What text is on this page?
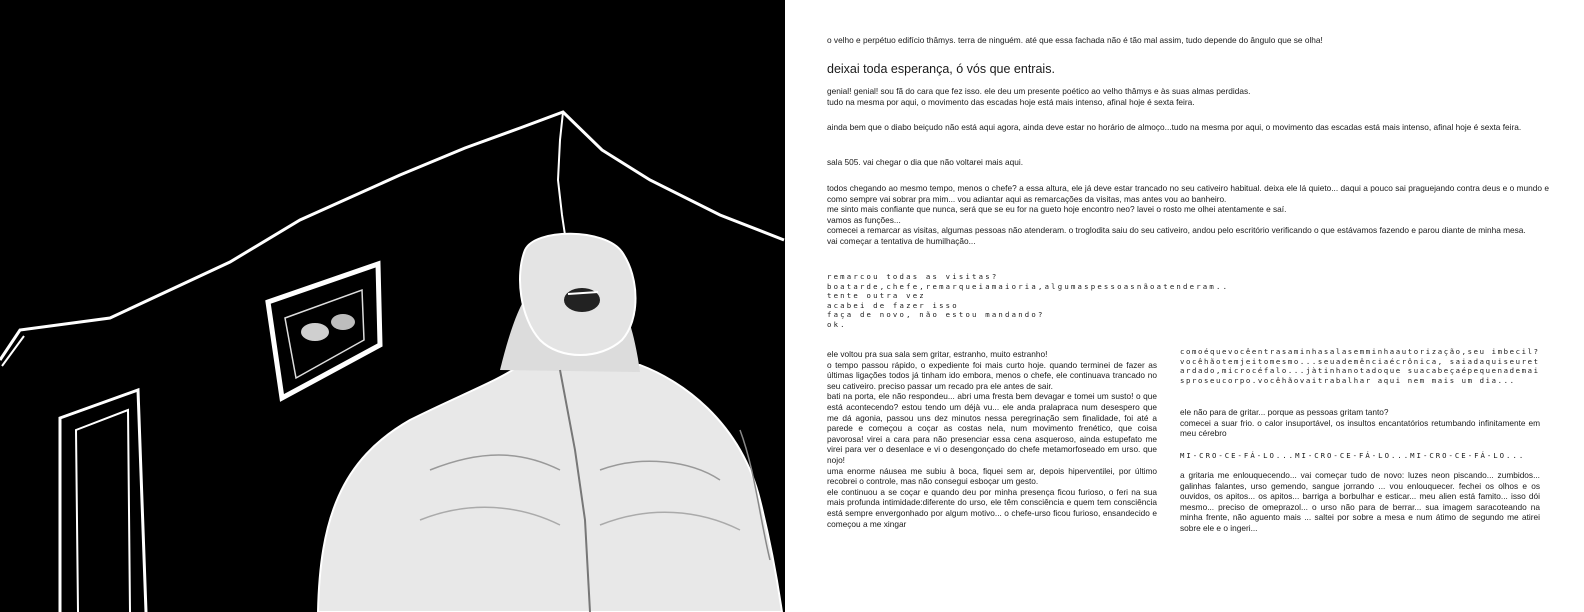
o velho e perpétuo edifício thâmys. terra de ninguém. até que essa fachada não é tão mal assim, tudo depende do ângulo que se olha!

deixai toda esperança, ó vós que entrais.

genial! genial! sou fã do cara que fez isso. ele deu um presente poético ao velho thâmys e às suas almas perdidas.
tudo na mesma por aqui, o movimento das escadas hoje está mais intenso, afinal hoje é sexta feira.

ainda bem que o diabo beiçudo não está aqui agora, ainda deve estar no horário de almoço...tudo na mesma por aqui, o movimento das escadas está mais intenso, afinal hoje é sexta feira.

sala 505. vai chegar o dia que não voltarei mais aqui.

todos chegando ao mesmo tempo, menos o chefe? a essa altura, ele já deve estar trancado no seu cativeiro habitual. deixa ele lá quieto... daqui a pouco sai praguejando contra deus e o mundo e como sempre vai sobrar pra mim... vou adiantar aqui as remarcações da visitas, mas antes vou ao banheiro.
me sinto mais confiante que nunca, será que se eu for na gueto hoje encontro neo? lavei o rosto me olhei atentamente e saí.
vamos as funções...
comecei a remarcar as visitas, algumas pessoas não atenderam. o troglodita saiu do seu cativeiro, andou pelo escritório verificando o que estávamos fazendo e parou diante de minha mesa.
vai começar a tentativa de humilhação...
remarcou todas as visitas?
boatarde,chefe,remarqueiamaioria,algumaspessoasnãoatenderam..
tente outra vez
acabei de fazer isso
faça de novo, não estou mandando?
ok.
ele voltou pra sua sala sem gritar, estranho, muito estranho!
o tempo passou rápido, o expediente foi mais curto hoje. quando terminei de fazer as últimas ligações todos já tinham ido embora, menos o chefe, ele continuava trancado no seu cativeiro. preciso passar um recado pra ele antes de sair.
bati na porta, ele não respondeu... abri uma fresta bem devagar e tomei um susto! o que está acontecendo? estou tendo um déjà vu... ele anda pralapraca num desespero que me dá agonia, passou uns dez minutos nessa peregrinação sem finalidade, foi até a parede e começou a coçar as costas nela, num movimento frenético, que coisa pavorosa! virei a cara para não presenciar essa cena asqueroso, ainda estupefato me virei para ver o desenlace e vi o desengonçado do chefe metamorfoseado em urso. que nojo!
uma enorme náusea me subiu à boca, fiquei sem ar, depois hiperventilei, por último recobrei o controle, mas não consegui esboçar um gesto.
ele continuou a se coçar e quando deu por minha presença ficou furioso, o feri na sua mais profunda intimidade:diferente do urso, ele têm consciência e quem tem consciência está sempre envergonhado por algum motivo... o chefe-urso ficou furioso, ensandecido e começou a me xingar

comoéquevocêentrasaminhasalasemminhaautorização,seu imbecil?vocêhãotemjeitomesmo...seuademênciaécrônica, saiadaquiseuretardado,microcéfalo...jàtinhanotadoque suacabeçaépequenademaisproseucorpo.vocêhãovaitrabalhar aqui nem mais um dia...

ele não para de gritar... porque as pessoas gritam tanto?
comecei a suar frio. o calor insuportável, os insultos encantatórios retumbando infinitamente em meu cérebro

MI-CRO-CE-FÁ-LO...MI-CRO-CE-FÁ-LO...MI-CRO-CE-FÁ-LO...

a gritaria me enlouquecendo... vai começar tudo de novo: luzes neon piscando... zumbidos... galinhas falantes, urso gemendo, sangue jorrando ... vou enlouquecer. fechei os olhos e os ouvidos, os apitos... os apitos... barriga a borbulhar e esticar... meu alien está famito... isso dói mesmo... preciso de omeprazol... o urso não para de berrar... sua imagem saracoteando na minha frente, não aguento mais ... saltei por sobre a mesa e num átimo de segundo me atirei sobre ele e o ingeri...
